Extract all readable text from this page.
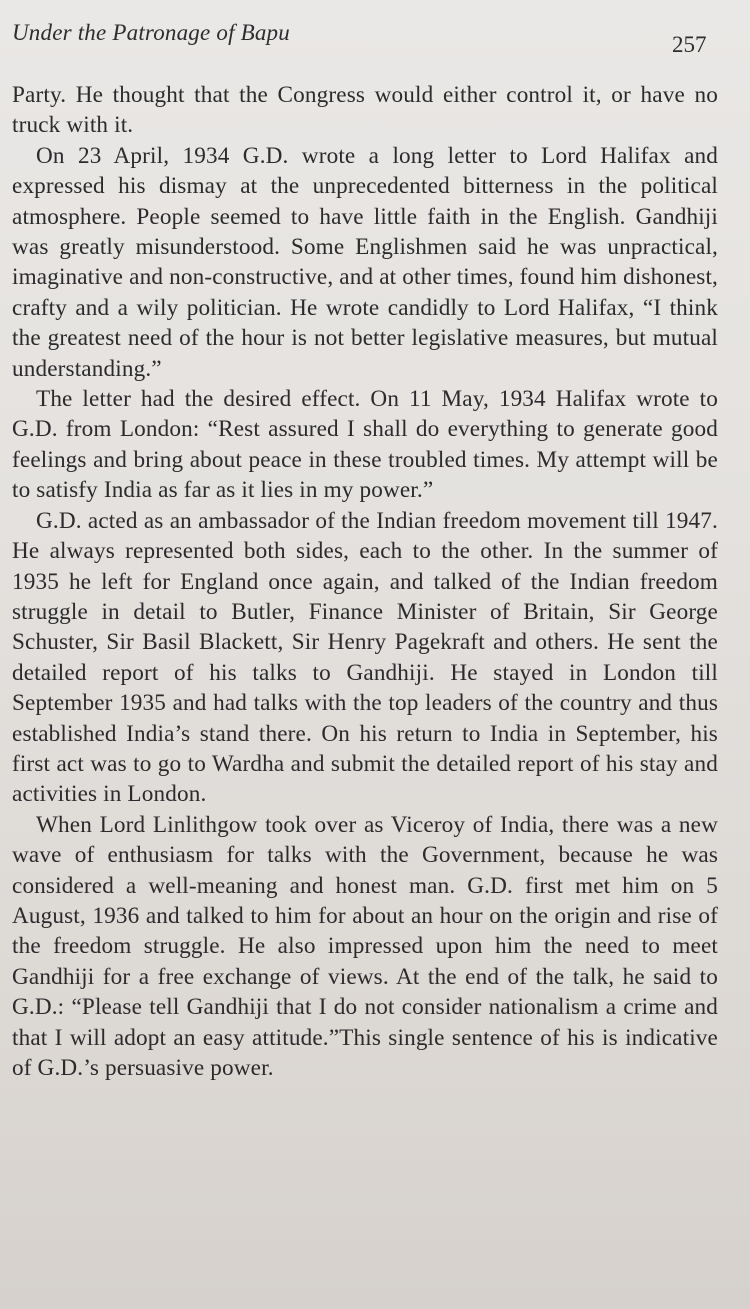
Under the Patronage of Bapu	257

Party. He thought that the Congress would either control it, or have no truck with it.

On 23 April, 1934 G.D. wrote a long letter to Lord Halifax and expressed his dismay at the unprecedented bitterness in the political atmosphere. People seemed to have little faith in the English. Gandhiji was greatly misunderstood. Some Englishmen said he was unpractical, imaginative and non-constructive, and at other times, found him dishonest, crafty and a wily politician. He wrote candidly to Lord Halifax, “I think the greatest need of the hour is not better legislative measures, but mutual understanding.”

The letter had the desired effect. On 11 May, 1934 Halifax wrote to G.D. from London: “Rest assured I shall do everything to generate good feelings and bring about peace in these troubled times. My attempt will be to satisfy India as far as it lies in my power.”

G.D. acted as an ambassador of the Indian freedom movement till 1947. He always represented both sides, each to the other. In the summer of 1935 he left for England once again, and talked of the Indian freedom struggle in detail to Butler, Finance Minister of Britain, Sir George Schuster, Sir Basil Blackett, Sir Henry Pagekraft and others. He sent the detailed report of his talks to Gandhiji. He stayed in London till September 1935 and had talks with the top leaders of the country and thus established India’s stand there. On his return to India in September, his first act was to go to Wardha and submit the detailed report of his stay and activities in London.

When Lord Linlithgow took over as Viceroy of India, there was a new wave of enthusiasm for talks with the Government, because he was considered a well-meaning and honest man. G.D. first met him on 5 August, 1936 and talked to him for about an hour on the origin and rise of the freedom struggle. He also impressed upon him the need to meet Gandhiji for a free exchange of views. At the end of the talk, he said to G.D.: “Please tell Gandhiji that I do not consider nationalism a crime and that I will adopt an easy attitude.”This single sentence of his is indicative of G.D.’s persuasive power.
